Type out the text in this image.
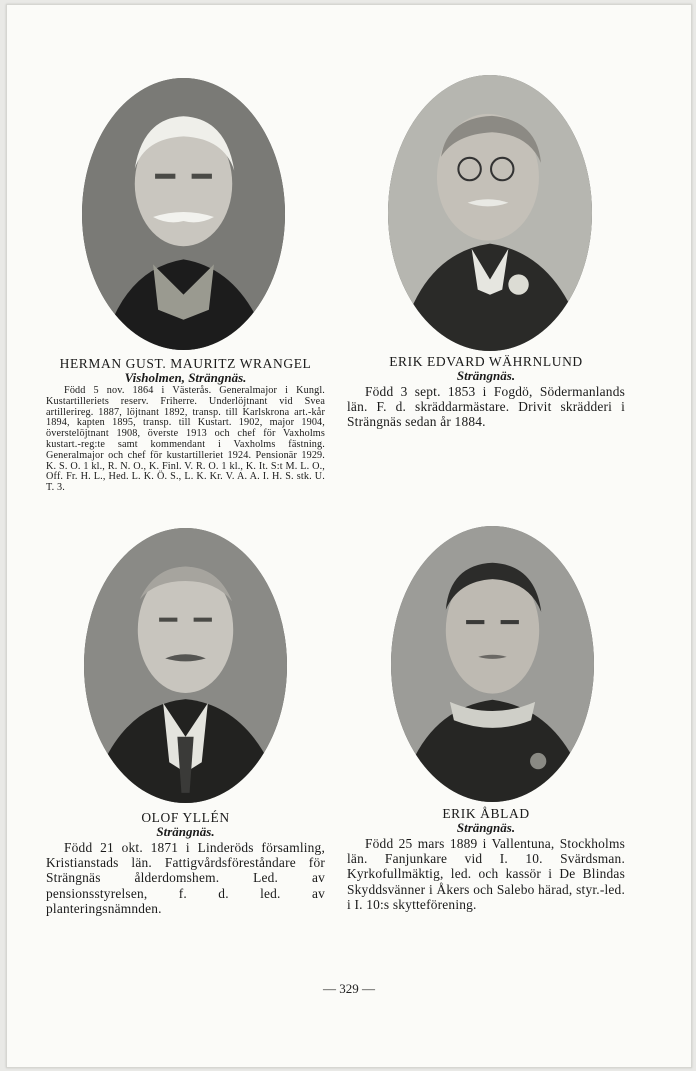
HERMAN GUST. MAURITZ WRANGEL
Visholmen, Strängnäs.
Född 5 nov. 1864 i Västerås. Generalmajor i Kungl. Kustartilleriets reserv. Friherre. Underlöjtnant vid Svea artillerireg. 1887, löjtnant 1892, transp. till Karlskrona art.-kår 1894, kapten 1895, transp. till Kustart. 1902, major 1904, överstelöjtnant 1908, överste 1913 och chef för Vaxholms kustart.-reg:te samt kommendant i Vaxholms fästning. Generalmajor och chef för kustartilleriet 1924. Pensionär 1929. K. S. O. 1 kl., R. N. O., K. Finl. V. R. O. 1 kl., K. It. S:t M. L. O., Off. Fr. H. L., Hed. L. K. Ö. S., L. K. Kr. V. A. A. I. H. S. stk. U. T. 3.
ERIK EDVARD WÄHRNLUND
Strängnäs.
Född 3 sept. 1853 i Fogdö, Södermanlands län. F. d. skräddarmästare. Drivit skrädderi i Strängnäs sedan år 1884.
OLOF YLLÉN
Strängnäs.
Född 21 okt. 1871 i Linderöds församling, Kristianstads län. Fattigvårdsföreståndare för Strängnäs ålderdomshem. Led. av pensionsstyrelsen, f. d. led. av planteringsnämnden.
ERIK ÅBLAD
Strängnäs.
Född 25 mars 1889 i Vallentuna, Stockholms län. Fanjunkare vid I. 10. Svärdsman. Kyrkofullmäktig, led. och kassör i De Blindas Skyddsvänner i Åkers och Salebo härad, styr.-led. i I. 10:s skytteförening.
— 329 —
